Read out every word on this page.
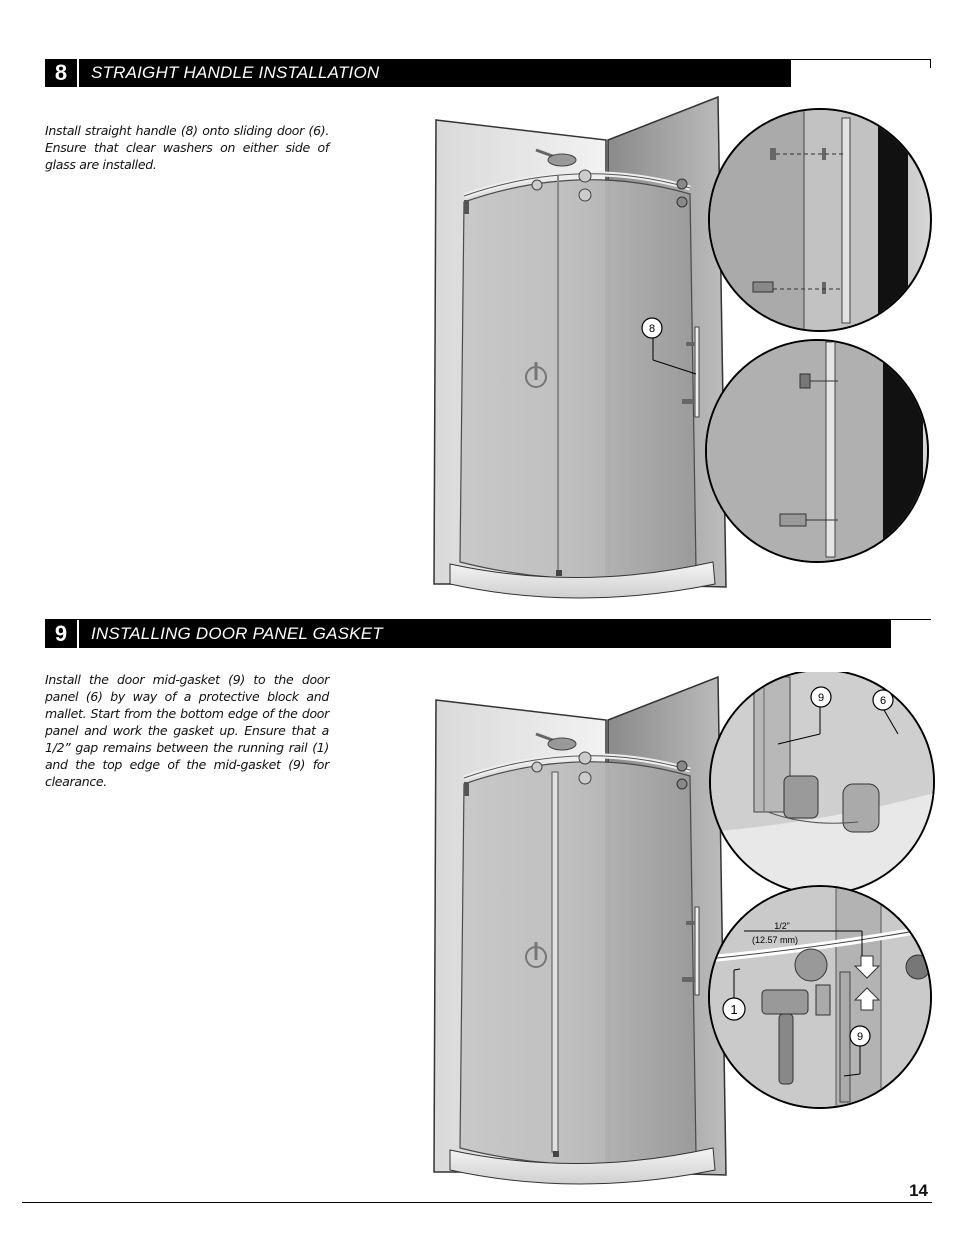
8	STRAIGHT HANDLE INSTALLATION
Install straight handle (8) onto sliding door (6). Ensure that clear washers on either side of glass are installed.
8
9	INSTALLING DOOR PANEL GASKET
Install the door mid-gasket (9) to the door panel (6) by way of a protective block and mallet. Start from the bottom edge of the door panel and work the gasket up. Ensure that a 1/2” gap remains between the running rail (1) and the top edge of the mid-gasket (9) for clearance.
9	6
1/2”
(12.57 mm)
1
9
14
